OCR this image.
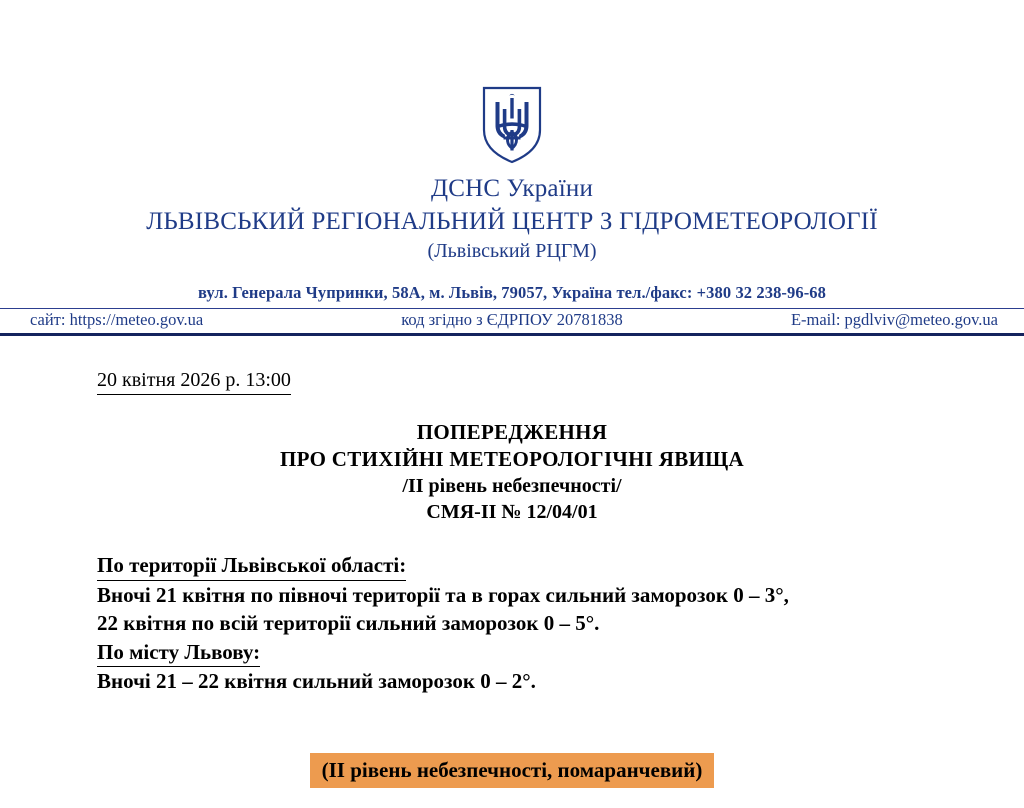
ДСНС України
ЛЬВІВСЬКИЙ РЕГІОНАЛЬНИЙ ЦЕНТР З ГІДРОМЕТЕОРОЛОГІЇ
(Львівський РЦГМ)
вул. Генерала Чупринки, 58А, м. Львів, 79057, Україна тел./факс: +380 32 238-96-68
сайт: https://meteo.gov.ua	код згідно з ЄДРПОУ 20781838	E-mail: pgdlviv@meteo.gov.ua
20 квітня 2026 р. 13:00
ПОПЕРЕДЖЕННЯ
ПРО СТИХІЙНІ МЕТЕОРОЛОГІЧНІ ЯВИЩА
/ІІ рівень небезпечності/
СМЯ-ІІ № 12/04/01
По території Львівської області:
Вночі 21 квітня по півночі території та в горах сильний заморозок 0 – 3°,
22 квітня по всій території сильний заморозок 0 – 5°.
По місту Львову:
Вночі 21 – 22 квітня сильний заморозок 0 – 2°.
(ІІ рівень небезпечності, помаранчевий)
